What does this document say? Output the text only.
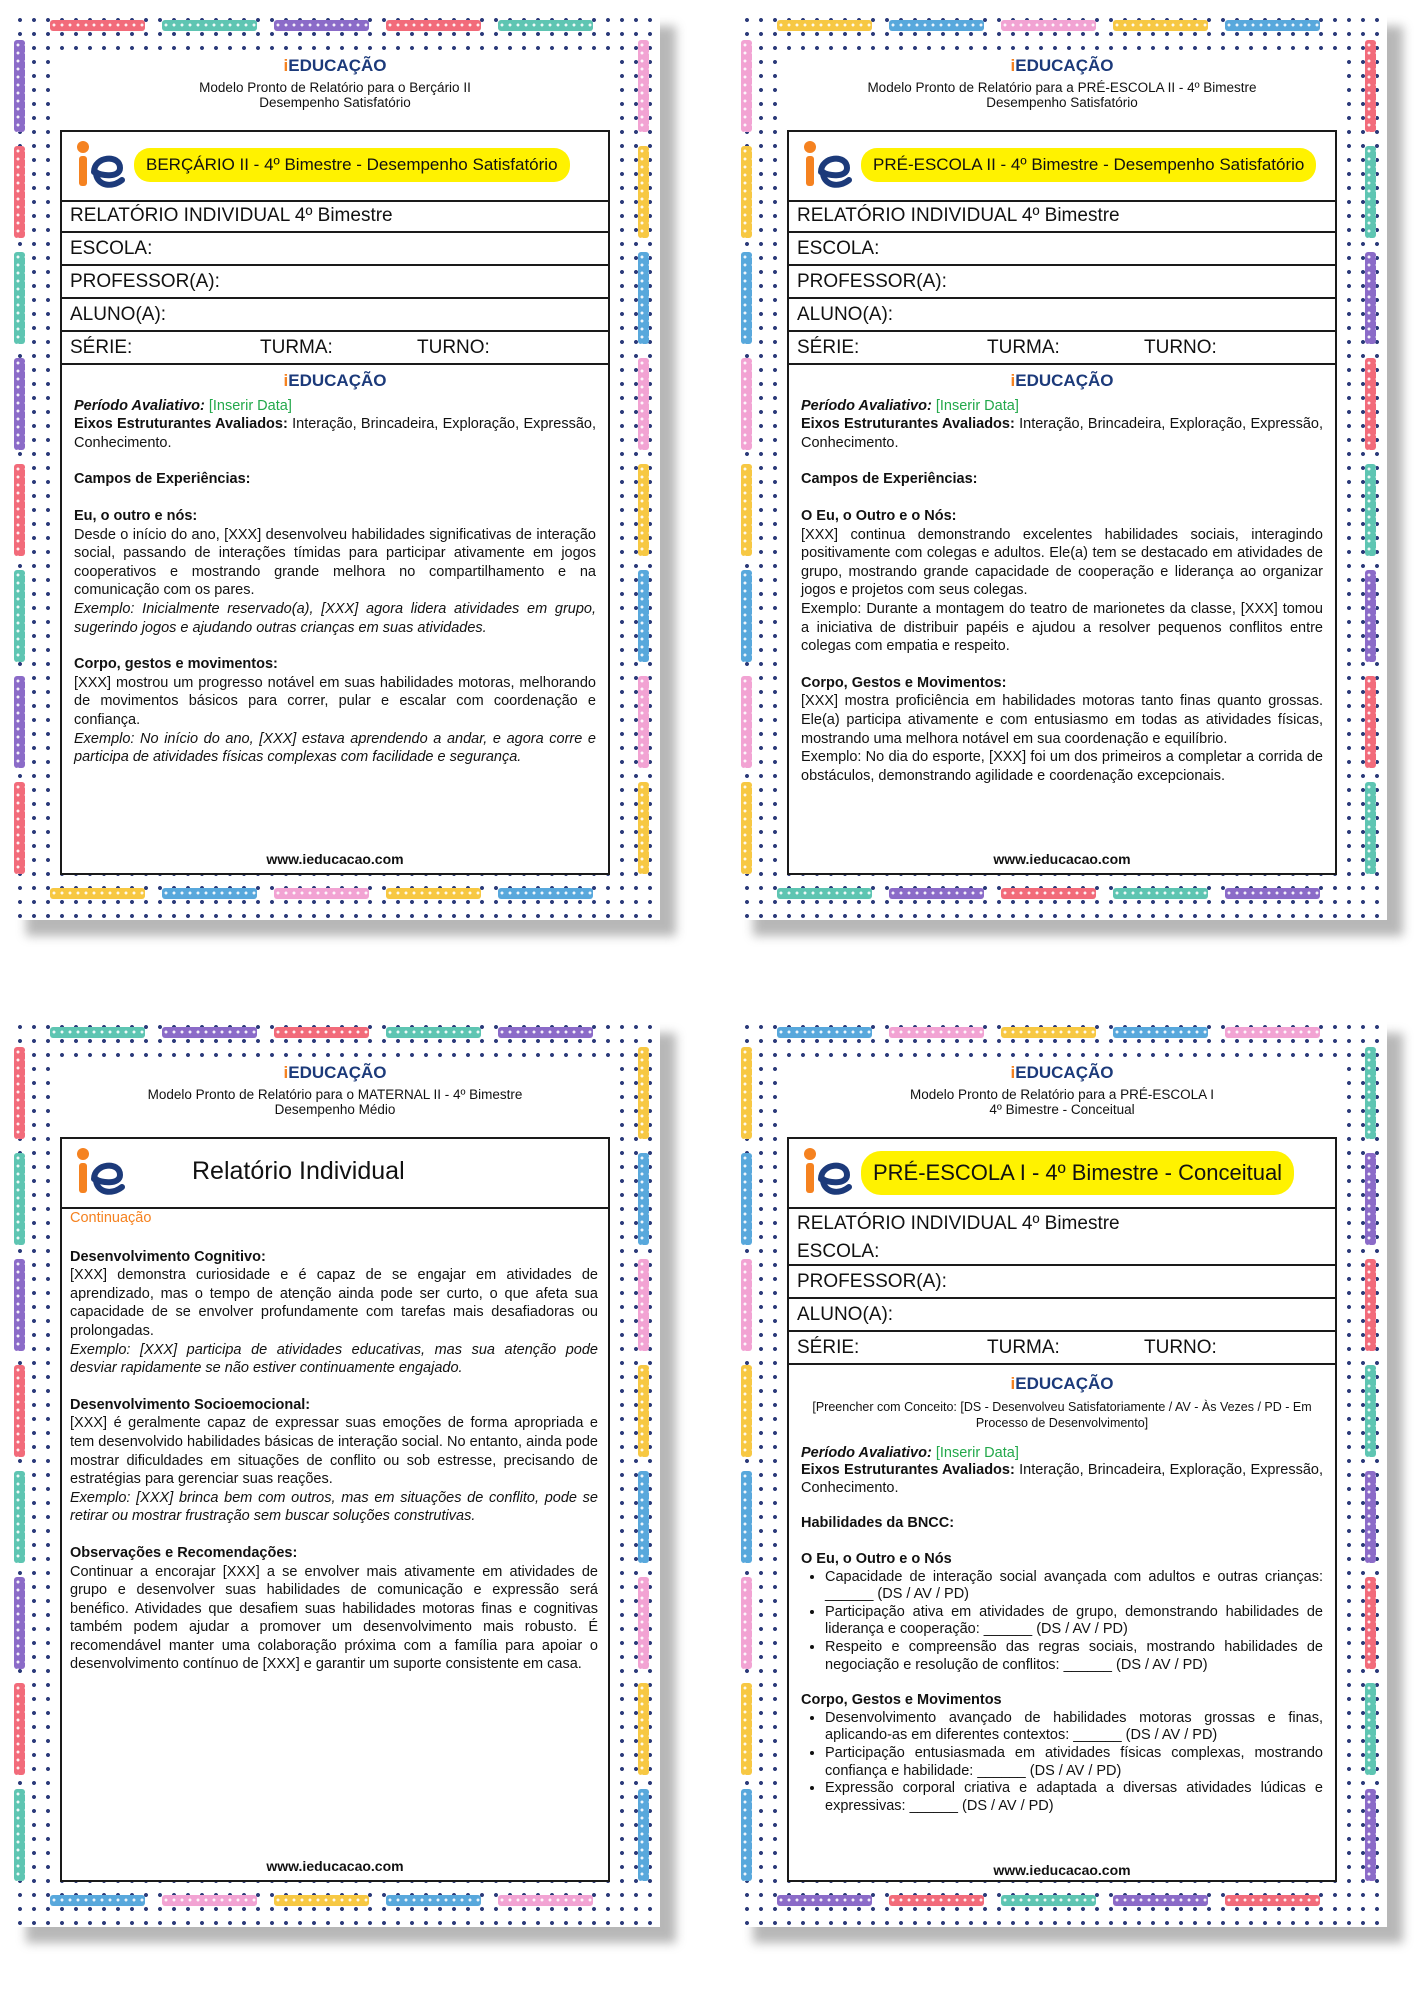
iEDUCAÇÃO
Modelo Pronto de Relatório para o Berçário II
Desempenho Satisfatório
BERÇÁRIO II - 4º Bimestre - Desempenho Satisfatório
RELATÓRIO INDIVIDUAL 4º Bimestre
ESCOLA:
PROFESSOR(A):
ALUNO(A):
SÉRIE:	TURMA:	TURNO:
iEDUCAÇÃO

Período Avaliativo: [Inserir Data]

Eixos Estruturantes Avaliados: Interação, Brincadeira, Exploração, Expressão, Conhecimento.

Campos de Experiências:

Eu, o outro e nós:

Desde o início do ano, [XXX] desenvolveu habilidades significativas de interação social, passando de interações tímidas para participar ativamente em jogos cooperativos e mostrando grande melhora no compartilhamento e na comunicação com os pares.

Exemplo: Inicialmente reservado(a), [XXX] agora lidera atividades em grupo, sugerindo jogos e ajudando outras crianças em suas atividades.

Corpo, gestos e movimentos:

[XXX] mostrou um progresso notável em suas habilidades motoras, melhorando de movimentos básicos para correr, pular e escalar com coordenação e confiança.

Exemplo: No início do ano, [XXX] estava aprendendo a andar, e agora corre e participa de atividades físicas complexas com facilidade e segurança.

www.ieducacao.com
iEDUCAÇÃO
Modelo Pronto de Relatório para a PRÉ-ESCOLA II - 4º Bimestre
Desempenho Satisfatório
PRÉ-ESCOLA II - 4º Bimestre - Desempenho Satisfatório
RELATÓRIO INDIVIDUAL 4º Bimestre
ESCOLA:
PROFESSOR(A):
ALUNO(A):
SÉRIE:	TURMA:	TURNO:
iEDUCAÇÃO

Período Avaliativo: [Inserir Data]

Eixos Estruturantes Avaliados: Interação, Brincadeira, Exploração, Expressão, Conhecimento.

Campos de Experiências:

O Eu, o Outro e o Nós:

[XXX] continua demonstrando excelentes habilidades sociais, interagindo positivamente com colegas e adultos. Ele(a) tem se destacado em atividades de grupo, mostrando grande capacidade de cooperação e liderança ao organizar jogos e projetos com seus colegas.

Exemplo: Durante a montagem do teatro de marionetes da classe, [XXX] tomou a iniciativa de distribuir papéis e ajudou a resolver pequenos conflitos entre colegas com empatia e respeito.

Corpo, Gestos e Movimentos:

[XXX] mostra proficiência em habilidades motoras tanto finas quanto grossas. Ele(a) participa ativamente e com entusiasmo em todas as atividades físicas, mostrando uma melhora notável em sua coordenação e equilíbrio.

Exemplo: No dia do esporte, [XXX] foi um dos primeiros a completar a corrida de obstáculos, demonstrando agilidade e coordenação excepcionais.

www.ieducacao.com
iEDUCAÇÃO
Modelo Pronto de Relatório para o MATERNAL II - 4º Bimestre
Desempenho Médio
Relatório Individual

Continuação

Desenvolvimento Cognitivo:

[XXX] demonstra curiosidade e é capaz de se engajar em atividades de aprendizado, mas o tempo de atenção ainda pode ser curto, o que afeta sua capacidade de se envolver profundamente com tarefas mais desafiadoras ou prolongadas.

Exemplo: [XXX] participa de atividades educativas, mas sua atenção pode desviar rapidamente se não estiver continuamente engajado.

Desenvolvimento Socioemocional:

[XXX] é geralmente capaz de expressar suas emoções de forma apropriada e tem desenvolvido habilidades básicas de interação social. No entanto, ainda pode mostrar dificuldades em situações de conflito ou sob estresse, precisando de estratégias para gerenciar suas reações.

Exemplo: [XXX] brinca bem com outros, mas em situações de conflito, pode se retirar ou mostrar frustração sem buscar soluções construtivas.

Observações e Recomendações:

Continuar a encorajar [XXX] a se envolver mais ativamente em atividades de grupo e desenvolver suas habilidades de comunicação e expressão será benéfico. Atividades que desafiem suas habilidades motoras finas e cognitivas também podem ajudar a promover um desenvolvimento mais robusto. É recomendável manter uma colaboração próxima com a família para apoiar o desenvolvimento contínuo de [XXX] e garantir um suporte consistente em casa.

www.ieducacao.com
iEDUCAÇÃO
Modelo Pronto de Relatório para a PRÉ-ESCOLA I
4º Bimestre - Conceitual
PRÉ-ESCOLA I - 4º Bimestre - Conceitual
RELATÓRIO INDIVIDUAL 4º Bimestre
ESCOLA:
PROFESSOR(A):
ALUNO(A):
SÉRIE:	TURMA:	TURNO:
iEDUCAÇÃO
[Preencher com Conceito: [DS - Desenvolveu Satisfatoriamente / AV - Às Vezes / PD - Em Processo de Desenvolvimento]

Período Avaliativo: [Inserir Data]

Eixos Estruturantes Avaliados: Interação, Brincadeira, Exploração, Expressão, Conhecimento.

Habilidades da BNCC:

O Eu, o Outro e o Nós

• Capacidade de interação social avançada com adultos e outras crianças: ______ (DS / AV / PD)
• Participação ativa em atividades de grupo, demonstrando habilidades de liderança e cooperação: ______ (DS / AV / PD)
• Respeito e compreensão das regras sociais, mostrando habilidades de negociação e resolução de conflitos: ______ (DS / AV / PD)

Corpo, Gestos e Movimentos

• Desenvolvimento avançado de habilidades motoras grossas e finas, aplicando-as em diferentes contextos: ______ (DS / AV / PD)
• Participação entusiasmada em atividades físicas complexas, mostrando confiança e habilidade: ______ (DS / AV / PD)
• Expressão corporal criativa e adaptada a diversas atividades lúdicas e expressivas: ______ (DS / AV / PD)
www.ieducacao.com
